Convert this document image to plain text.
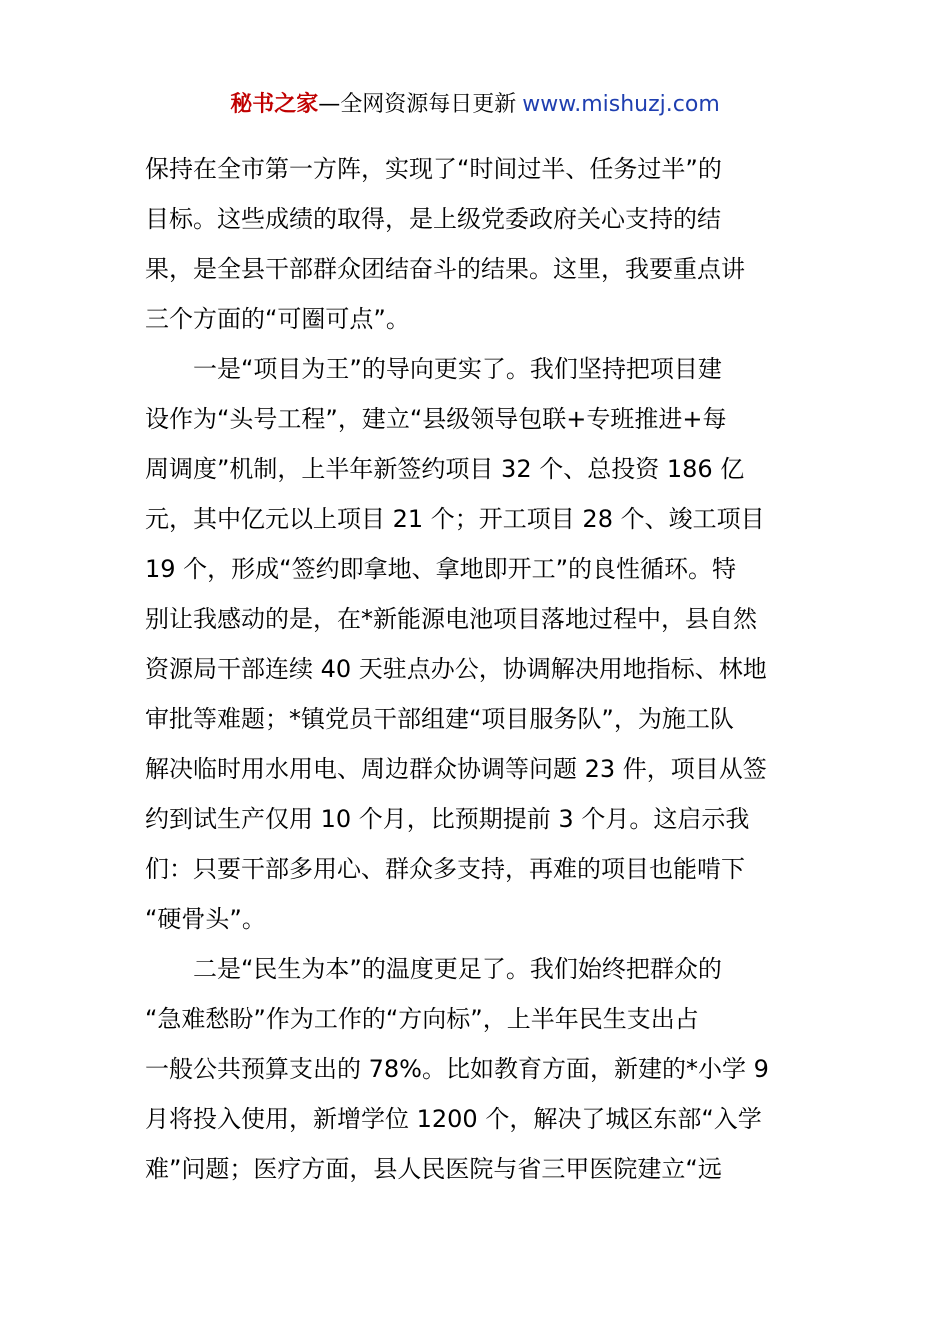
秘书之家—全网资源每日更新 www.mishuzj.com
保持在全市第一方阵，实现了“时间过半、任务过半”的
目标。这些成绩的取得，是上级党委政府关心支持的结
果，是全县干部群众团结奋斗的结果。这里，我要重点讲
三个方面的“可圈可点”。
一是“项目为王”的导向更实了。我们坚持把项目建
设作为“头号工程”，建立“县级领导包联+专班推进+每
周调度”机制，上半年新签约项目 32 个、总投资 186 亿
元，其中亿元以上项目 21 个；开工项目 28 个、竣工项目
19 个，形成“签约即拿地、拿地即开工”的良性循环。特
别让我感动的是，在*新能源电池项目落地过程中，县自然
资源局干部连续 40 天驻点办公，协调解决用地指标、林地
审批等难题；*镇党员干部组建“项目服务队”，为施工队
解决临时用水用电、周边群众协调等问题 23 件，项目从签
约到试生产仅用 10 个月，比预期提前 3 个月。这启示我
们：只要干部多用心、群众多支持，再难的项目也能啃下
“硬骨头”。
二是“民生为本”的温度更足了。我们始终把群众的
“急难愁盼”作为工作的“方向标”，上半年民生支出占
一般公共预算支出的 78%。比如教育方面，新建的*小学 9
月将投入使用，新增学位 1200 个，解决了城区东部“入学
难”问题；医疗方面，县人民医院与省三甲医院建立“远
